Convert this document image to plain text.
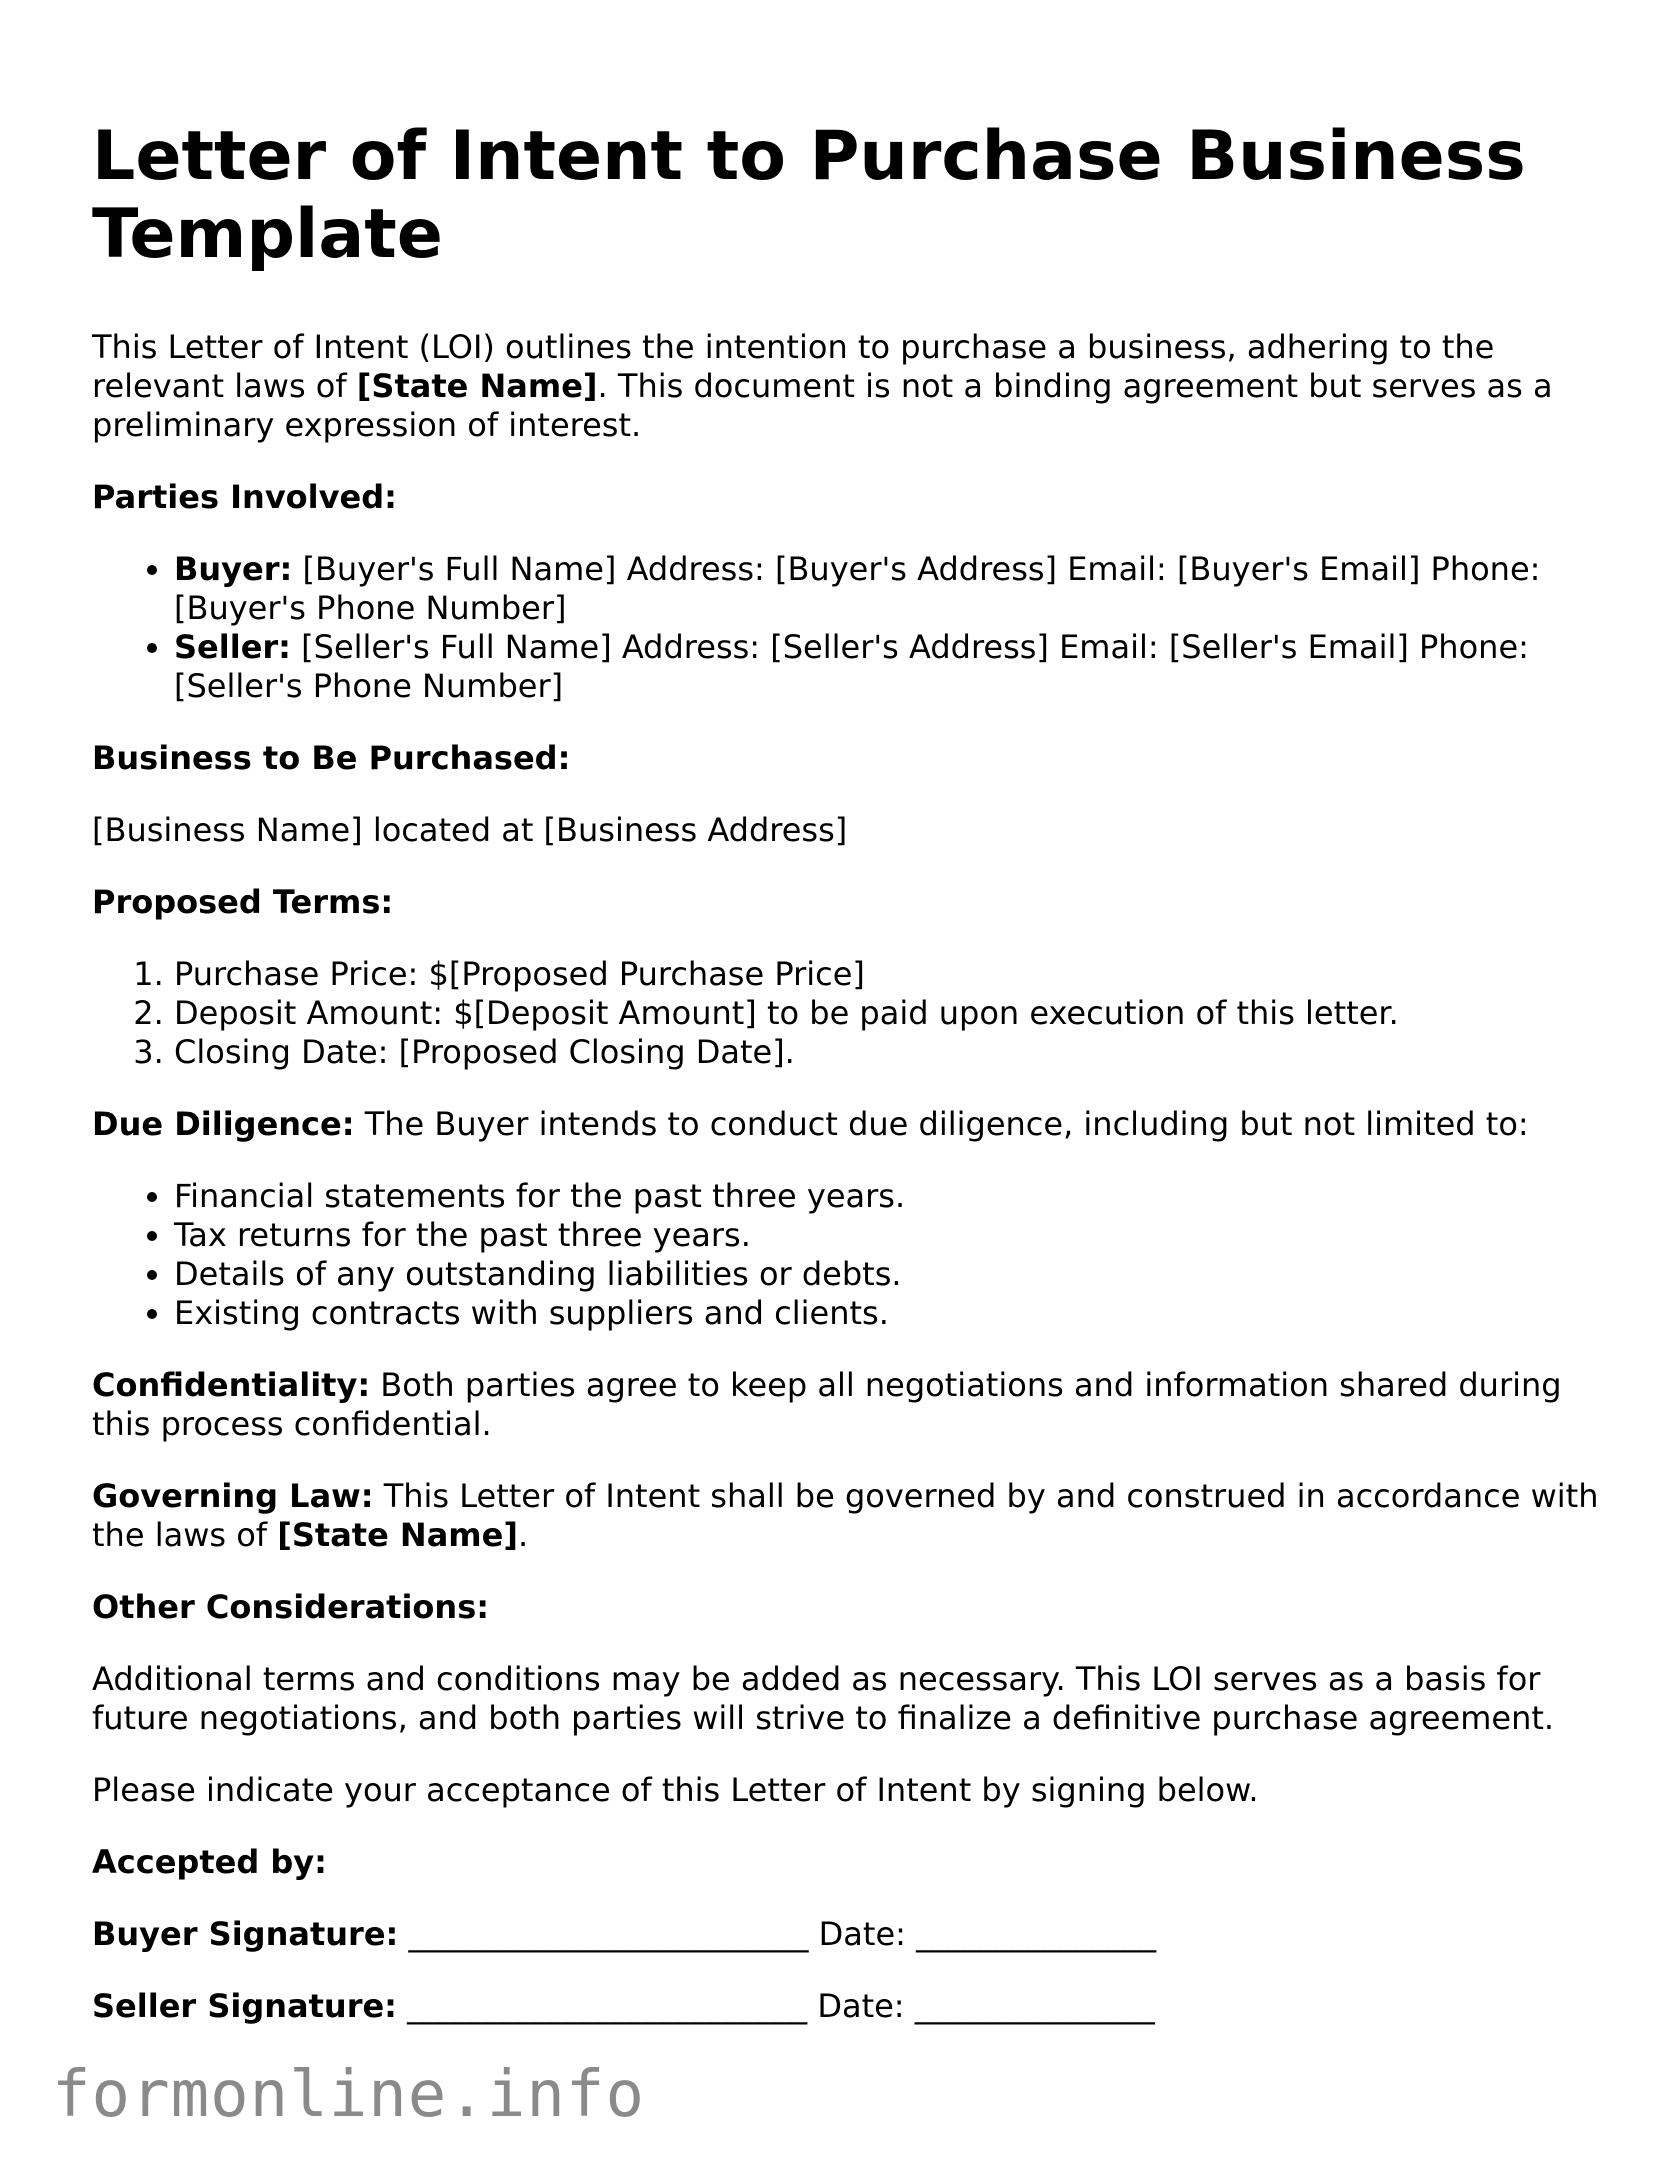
Letter of Intent to Purchase Business Template

This Letter of Intent (LOI) outlines the intention to purchase a business, adhering to the relevant laws of [State Name]. This document is not a binding agreement but serves as a preliminary expression of interest.

Parties Involved:

• Buyer: [Buyer's Full Name] Address: [Buyer's Address] Email: [Buyer's Email] Phone: [Buyer's Phone Number]
• Seller: [Seller's Full Name] Address: [Seller's Address] Email: [Seller's Email] Phone: [Seller's Phone Number]

Business to Be Purchased:

[Business Name] located at [Business Address]

Proposed Terms:

1. Purchase Price: $[Proposed Purchase Price]
2. Deposit Amount: $[Deposit Amount] to be paid upon execution of this letter.
3. Closing Date: [Proposed Closing Date].

Due Diligence: The Buyer intends to conduct due diligence, including but not limited to:

• Financial statements for the past three years.
• Tax returns for the past three years.
• Details of any outstanding liabilities or debts.
• Existing contracts with suppliers and clients.

Confidentiality: Both parties agree to keep all negotiations and information shared during this process confidential.

Governing Law: This Letter of Intent shall be governed by and construed in accordance with the laws of [State Name].

Other Considerations:

Additional terms and conditions may be added as necessary. This LOI serves as a basis for future negotiations, and both parties will strive to finalize a definitive purchase agreement.

Please indicate your acceptance of this Letter of Intent by signing below.

Accepted by:

Buyer Signature: _________________________ Date: _______________
Seller Signature: _________________________ Date: _______________
formonline.info
